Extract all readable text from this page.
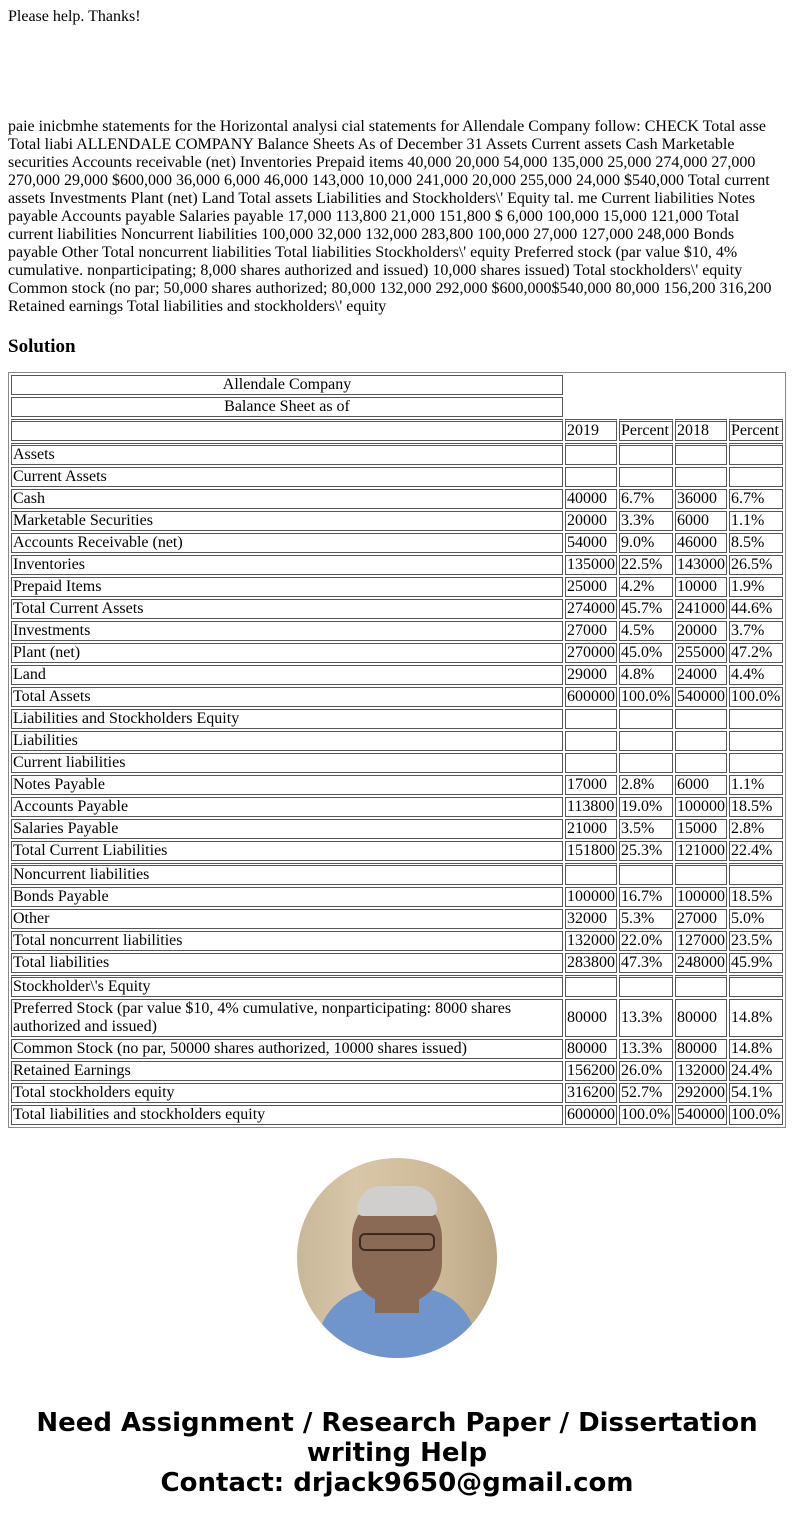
Please help. Thanks!

paie inicbmhe statements for the Horizontal analysi cial statements for Allendale Company follow: CHECK Total asse Total liabi ALLENDALE COMPANY Balance Sheets As of December 31 Assets Current assets Cash Marketable securities Accounts receivable (net) Inventories Prepaid items 40,000 20,000 54,000 135,000 25,000 274,000 27,000 270,000 29,000 $600,000 36,000 6,000 46,000 143,000 10,000 241,000 20,000 255,000 24,000 $540,000 Total current assets Investments Plant (net) Land Total assets Liabilities and Stockholders\' Equity tal. me Current liabilities Notes payable Accounts payable Salaries payable 17,000 113,800 21,000 151,800 $ 6,000 100,000 15,000 121,000 Total current liabilities Noncurrent liabilities 100,000 32,000 132,000 283,800 100,000 27,000 127,000 248,000 Bonds payable Other Total noncurrent liabilities Total liabilities Stockholders\' equity Preferred stock (par value $10, 4% cumulative. nonparticipating; 8,000 shares authorized and issued) 10,000 shares issued) Total stockholders\' equity Common stock (no par; 50,000 shares authorized; 80,000 132,000 292,000 $600,000$540,000 80,000 156,200 316,200 Retained earnings Total liabilities and stockholders\' equity

Solution
Allendale Company				
Balance Sheet as of				
	2019	Percent	2018	Percent
Assets				
Current Assets				
Cash	40000	6.7%	36000	6.7%
Marketable Securities	20000	3.3%	6000	1.1%
Accounts Receivable (net)	54000	9.0%	46000	8.5%
Inventories	135000	22.5%	143000	26.5%
Prepaid Items	25000	4.2%	10000	1.9%
Total Current Assets	274000	45.7%	241000	44.6%
Investments	27000	4.5%	20000	3.7%
Plant (net)	270000	45.0%	255000	47.2%
Land	29000	4.8%	24000	4.4%
Total Assets	600000	100.0%	540000	100.0%
Liabilities and Stockholders Equity				
Liabilities				
Current liabilities				
Notes Payable	17000	2.8%	6000	1.1%
Accounts Payable	113800	19.0%	100000	18.5%
Salaries Payable	21000	3.5%	15000	2.8%
Total Current Liabilities	151800	25.3%	121000	22.4%
Noncurrent liabilities				
Bonds Payable	100000	16.7%	100000	18.5%
Other	32000	5.3%	27000	5.0%
Total noncurrent liabilities	132000	22.0%	127000	23.5%
Total liabilities	283800	47.3%	248000	45.9%
Stockholder\'s Equity				
Preferred Stock (par value $10, 4% cumulative, nonparticipating: 8000 shares authorized and issued)	80000	13.3%	80000	14.8%
Common Stock (no par, 50000 shares authorized, 10000 shares issued)	80000	13.3%	80000	14.8%
Retained Earnings	156200	26.0%	132000	24.4%
Total stockholders equity	316200	52.7%	292000	54.1%
Total liabilities and stockholders equity	600000	100.0%	540000	100.0%
Need Assignment / Research Paper / Dissertation writing Help
Contact: drjack9650@gmail.com
